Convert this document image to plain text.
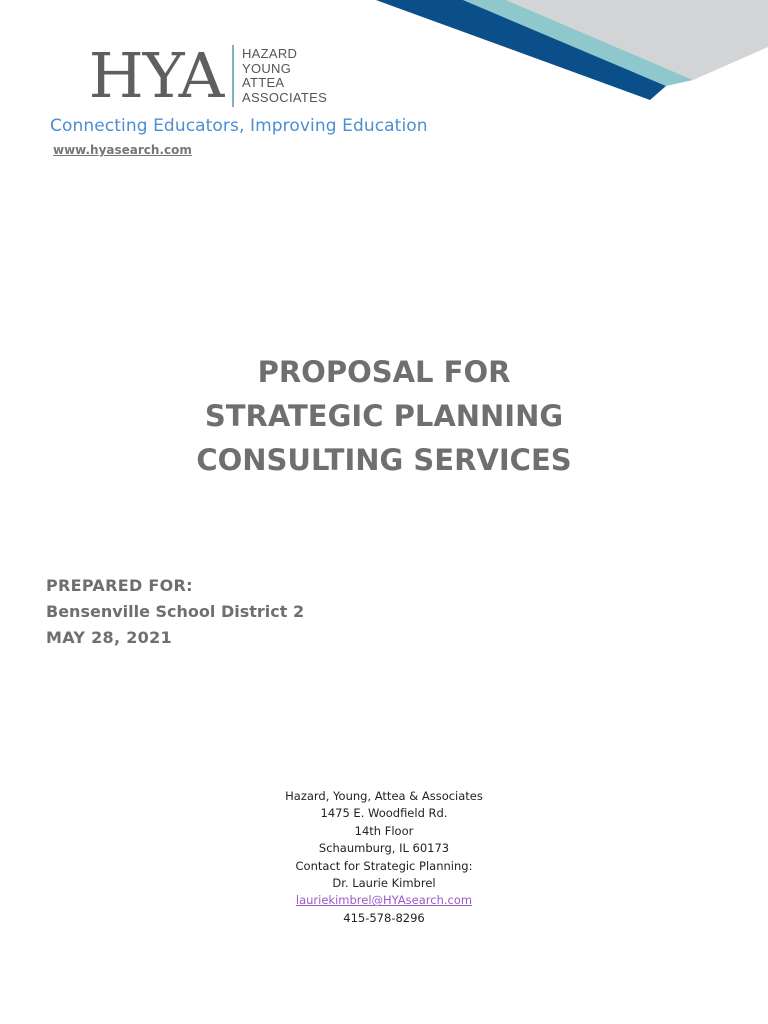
HYA HAZARD
YOUNG
ATTEA
ASSOCIATES
Connecting Educators, Improving Education
www.hyasearch.com
PROPOSAL FOR
STRATEGIC PLANNING
CONSULTING SERVICES
PREPARED FOR:
Bensenville School District 2
MAY 28, 2021
Hazard, Young, Attea & Associates
1475 E. Woodfield Rd.
14th Floor
Schaumburg, IL 60173
Contact for Strategic Planning:
Dr. Laurie Kimbrel
lauriekimbrel@HYAsearch.com
415-578-8296
